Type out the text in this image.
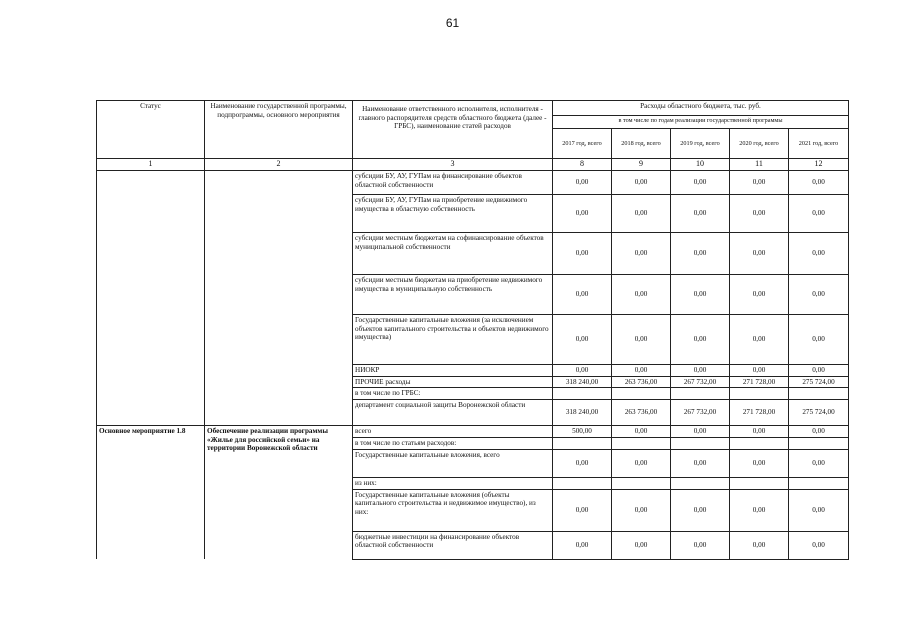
61
Статус	Наименование государственной программы, подпрограммы, основного мероприятия	Наименование ответственного исполнителя, исполнителя - главного распорядителя средств областного бюджета (далее - ГРБС), наименование статей расходов	Расходы областного бюджета, тыс. руб.				
			в том числе по годам реализации государственной программы				
			2017 год, всего	2018 год, всего	2019 год, всего	2020 год, всего	2021 год, всего
1	2	3	8	9	10	11	12
		субсидии БУ, АУ, ГУПам на финансирование объектов областной собственности	0,00	0,00	0,00	0,00	0,00
		субсидии БУ, АУ, ГУПам на приобретение недвижимого имущества в областную собственность	0,00	0,00	0,00	0,00	0,00
		субсидии местным бюджетам на софинансирование объектов муниципальной собственности	0,00	0,00	0,00	0,00	0,00
		субсидии местным бюджетам на приобретение недвижимого имущества в муниципальную собственность	0,00	0,00	0,00	0,00	0,00
		Государственные капитальные вложения (за исключением объектов капитального строительства и объектов недвижимого имущества)	0,00	0,00	0,00	0,00	0,00
		НИОКР	0,00	0,00	0,00	0,00	0,00
		ПРОЧИЕ расходы	318 240,00	263 736,00	267 732,00	271 728,00	275 724,00
		в том числе по ГРБС:					
		департамент социальной защиты Воронежской области	318 240,00	263 736,00	267 732,00	271 728,00	275 724,00
Основное мероприятие 1.8	Обеспечение реализации программы «Жилье для российской семьи» на территории Воронежской области	всего	500,00	0,00	0,00	0,00	0,00
		в том числе по статьям расходов:					
		Государственные капитальные вложения, всего	0,00	0,00	0,00	0,00	0,00
		из них:					
		Государственные капитальные вложения (объекты капитального строительства и недвижимое имущество), из них:	0,00	0,00	0,00	0,00	0,00
		бюджетные инвестиции на финансирование объектов областной собственности	0,00	0,00	0,00	0,00	0,00
